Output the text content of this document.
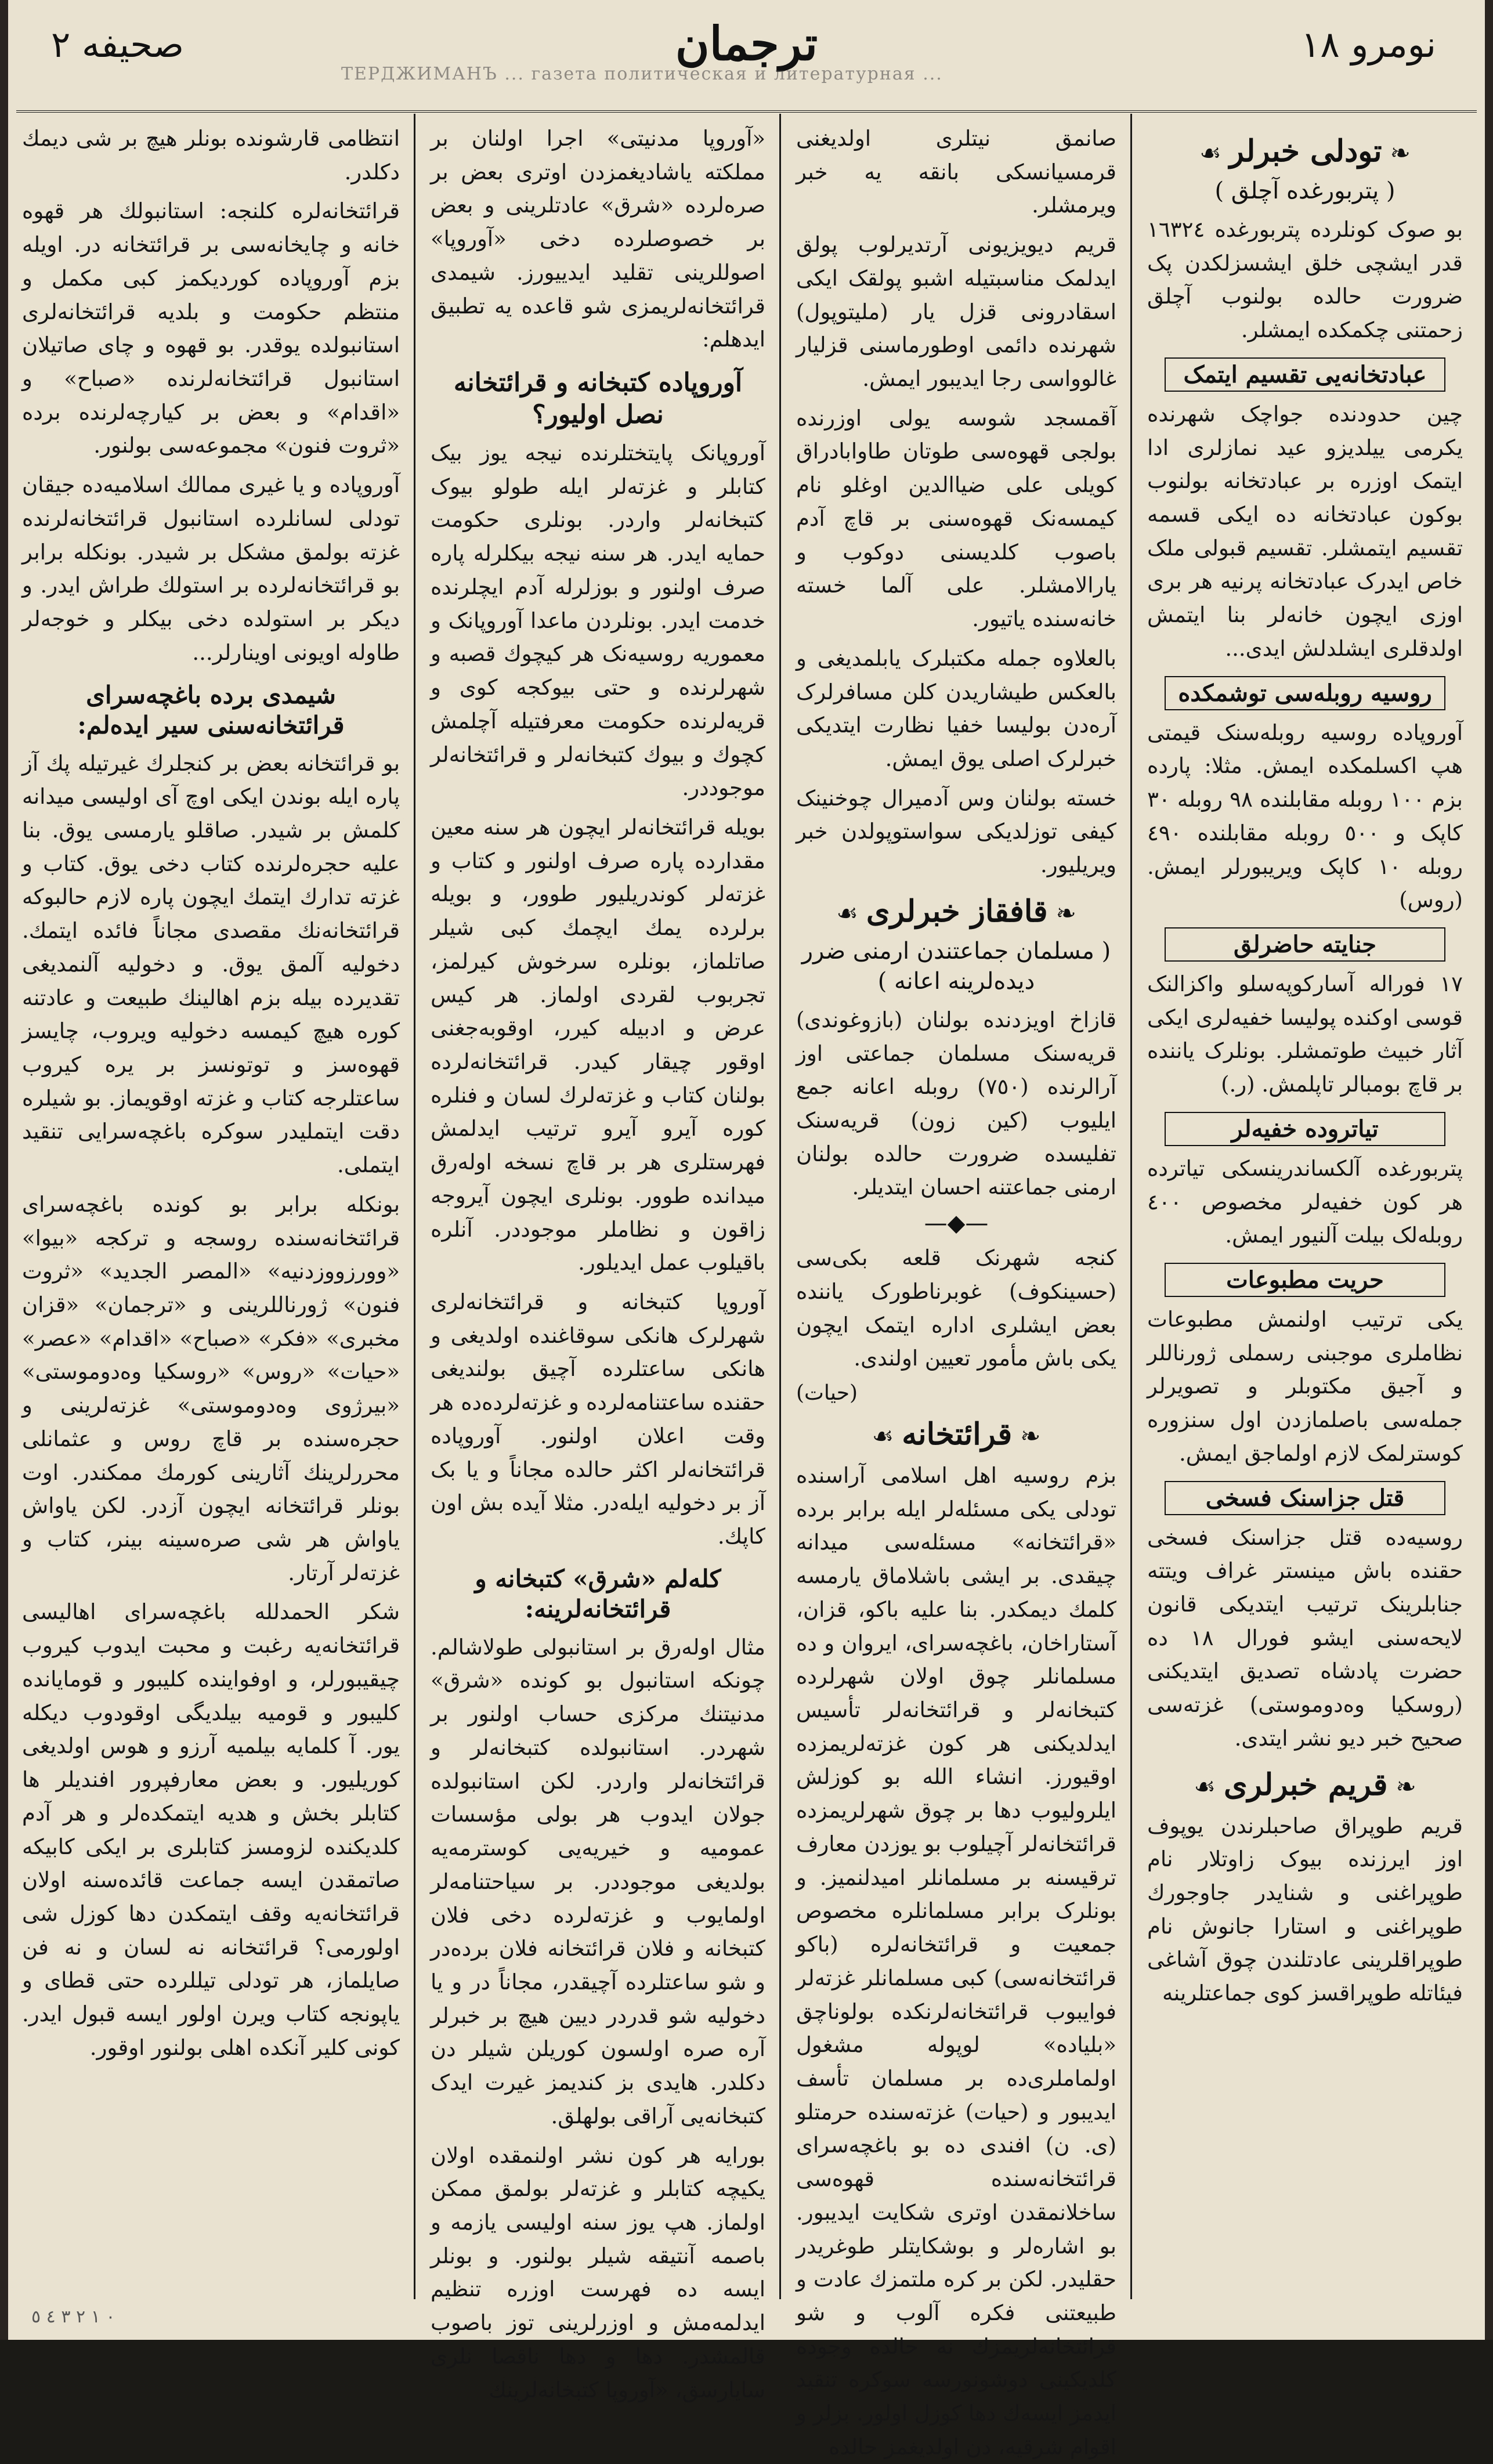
صحیفه ٢	ترجمان	نومرو ١٨
ТЕРДЖИМАНЪ ... газета политическая и литературная ...
❧تودلی خبرلر☙
( پتربورغده آچلق )

بو صوک کونلرده پتربورغده ١٦٣٢٤ قدر ایشچی خلق ایشسزلکدن پک ضرورت حالده بولنوب آچلق زحمتنی چکمکده ایمشلر.

عبادتخانه‌یی تقسیم ایتمک

چین حدودنده جواچک شهرنده یکرمی ییلدیزو عید نمازلری ادا ایتمک اوزره بر عبادتخانه بولنوب بوکون عبادتخانه ده ایکی قسمه تقسیم ایتمشلر. تقسیم قبولی ملک خاص ایدرک عبادتخانه پرنیه هر بری اوزی ایچون خانه‌لر بنا ایتمش اولدقلری ایشلدلش ایدی...

روسیه روبله‌سی توشمکده

آوروپاده روسیه روبله‌سنک قیمتی هپ اکسلمکده ایمش. مثلا: پارده بزم ١٠٠ روبله مقابلنده ٩٨ روبله ٣٠ کاپک و ٥٠٠ روبله مقابلنده ٤٩٠ روبله ١٠ کاپک ویریبورلر ایمش. (روس)

جنایته حاضرلق

١٧ فوراله آسارکوپه‌سلو واکزالنک قوسی اوکنده پولیسا خفیه‌لری ایکی آثار خبیث طوتمشلر. بونلرک یاننده بر قاچ بومبالر تاپلمش. (ر.)

تیاتروده خفیه‌لر

پتربورغده آلکساندرینسکی تیاترده هر کون خفیه‌لر مخصوص ٤٠٠ روبله‌لک بیلت آلنیور ایمش.

حریت مطبوعات

یکی ترتیب اولنمش مطبوعات نظاملری موجبنی رسملی ژورناللر و آجیق مکتوبلر و تصویرلر جمله‌سی باصلمازدن اول سنزوره کوسترلمک لازم اولماجق ایمش.

قتل جزاسنک فسخی

روسیه‌ده قتل جزاسنک فسخی حقنده باش مینستر غراف ویتته جنابلرینک ترتیب ایتدیکی قانون لایحه‌سنی ایشو فورال ١٨ ده حضرت پادشاه تصدیق ایتدیکنی (روسکیا وه‌دوموستی) غزته‌سی صحیح خبر دیو نشر ایتدی.

❧قریم خبرلری☙

قریم طوپراق صاحبلرندن یوپوف اوز ایرزنده بیوک زاوتلار نام طوپراغنی و شنایدر جاوجورك طوپراغنی و استارا جانوش نام طوپراقلرینی عادتلندن چوق آشاغی فیئاتله طوپراقسز کوی جماعتلرینه

صانمق نیتلری اولدیغنی قرمسیانسکی بانقه یه خبر ویرمشلر.

قریم دیویزیونی آرتدیرلوب پولق ایدلمک مناسبتیله اشبو پولقک ایکی اسقادرونی قزل یار (ملیتوپول) شهرنده دائمی اوطورماسنی قزلیار غالوواسی رجا ایدیبور ایمش.

آقمسجد شوسه یولی اوزرنده بولجی قهوه‌سی طوتان طاوابادراق کویلی علی ضیاالدین اوغلو نام کیمسه‌نک قهوه‌سنی بر قاچ آدم باصوب کلدیسنی دوکوب و یارالامشلر. علی آلما خسته خانه‌سنده یاتیور.

بالعلاوه جمله مکتبلرک یابلمدیغی و بالعکس طیشاریدن کلن مسافرلرک آره‌دن بولیسا خفیا نظارت ایتدیکی خبرلرک اصلی یوق ایمش.

خسته بولنان وس آدمیرال چوخنینک کیفی توزلدیکی سواستوپولدن خبر ویریلیور.

❧قافقاز خبرلری☙
( مسلمان جماعتندن ارمنی ضرر دیده‌لرینه اعانه )

قازاخ اویزدنده بولنان (بازوغوندی) قریه‌سنک مسلمان جماعتی اوز آرالرنده (٧٥٠) روبله اعانه جمع ایلیوب (کین زون) قریه‌سنک تفلیسده ضرورت حالده بولنان ارمنی جماعتنه احسان ایتدیلر.

—◆—

کنجه شهرنک قلعه بکی‌سی (حسینکوف) غوبرناطورک یاننده بعض ایشلری اداره ایتمک ایچون یکی باش مأمور تعیین اولندی.

(حیات)
❧قرائتخانه☙

بزم روسیه اهل اسلامی آراسنده تودلی یکی مسئله‌لر ایله برابر برده «قرائتخانه» مسئله‌سی میدانه چیقدی. بر ایشی باشلاماق یارمسه کلمك دیمکدر. بنا علیه باکو، قزان، آستاراخان، باغچه‌سرای، ایروان و ده مسلمانلر چوق اولان شهرلرده کتبخانه‌لر و قرائتخانه‌لر تأسیس ایدلدیکنی هر کون غزته‌لریمزده اوقیورز. انشاء الله بو کوزلش ایلرولیوب دها بر چوق شهرلریمزده قرائتخانه‌لر آچیلوب بو یوزدن معارف ترقیسنه بر مسلمانلر امیدلنمیز. و بونلرک برابر مسلمانلره مخصوص جمعیت و قرائتخانه‌لره (باکو قرائتخانه‌سی) کبی مسلمانلر غزته‌لر فوایبوب قرائتخانه‌لرنکده بولوناچق «بلیاده» لوپوله مشغول اولماملری‌ده بر مسلمان تأسف ایدیبور و (حیات) غزته‌سنده حرمتلو (ی. ن) افندی ده بو باغچه‌سرای قرائتخانه‌سنده قهوه‌سی ساخلانمقدن اوتری شکایت ایدیبور. بو اشاره‌لر و بوشکایتلر طوغریدر حقلیدر. لکن بر کره ملتمزك عادت و طبیعتنی فکره آلوب و شو قرائتخانه‌لریمزك نه حالده وجوده کلدیکینی دوشونورسه سوکره تنقید ایدمز ایسه‌ك دها کوزل اولور. بزلر و اقوام شرقیه، دن اولدیغمز حالده

«آوروپا مدنیتی» اجرا اولنان بر مملکته یاشادیغمزدن اوتری بعض بر صره‌لرده «شرق» عادتلرینی و بعض بر خصوصلرده دخی «آوروپا» اصوللرینی تقلید ایدییورز. شیمدی قرائتخانه‌لریمزی شو قاعده یه تطبیق ایدهلم:

آوروپاده کتبخانه و قرائتخانه نصل اولیور؟

آوروپانک پایتختلرنده نیجه یوز بیک کتابلر و غزته‌لر ایله طولو بیوک کتبخانه‌لر واردر. بونلری حکومت حمایه ایدر. هر سنه نیجه بیکلرله پاره صرف اولنور و بوزلرله آدم ایچلرنده خدمت ایدر. بونلردن ماعدا آوروپانک و معموریه روسیه‌نک هر کیچوك قصبه و شهرلرنده و حتی بیوکجه کوی و قریه‌لرنده حکومت معرفتیله آچلمش کچوك و بیوك کتبخانه‌لر و قرائتخانه‌لر موجوددر.

بویله قرائتخانه‌لر ایچون هر سنه معین مقدارده پاره صرف اولنور و کتاب و غزته‌لر کوندریلیور طوور، و بویله برلرده یمك ایچمك کبی شیلر صاتلماز، بونلره سرخوش کیرلمز، تجربوب لقردی اولماز. هر کیس عرض و ادبیله کیرر، اوقوبه‌جغنی اوقور چیقار کیدر. قرائتخانه‌لرده بولنان کتاب و غزته‌لرك لسان و فنلره کوره آیرو آیرو ترتیب ایدلمش فهرستلری هر بر قاچ نسخه اولەرق میدانده طوور. بونلری ایچون آیروجه زاقون و نظاملر موجوددر. آنلره باقیلوب عمل ایدیلور.

آوروپا کتبخانه و قرائتخانه‌لری شهرلرک هانکی سوقاغنده اولدیغی و هانکی ساعتلرده آچیق بولندیغی حقنده ساعتنامه‌لرده و غزته‌لرده‌ده هر وقت اعلان اولنور. آوروپاده قرائتخانه‌لر اکثر حالده مجاناً و یا بک آز بر دخولیه ایله‌در. مثلا آیده بش اون کاپك.

کله‌لم «شرق» کتبخانه و قرائتخانه‌لرینه:

مثال اوله‌رق بر استانبولی طولاشالم. چونکه استانبول بو کونده «شرق» مدنیتنك مرکزی حساب اولنور بر شهردر. استانبولده کتبخانه‌لر و قرائتخانه‌لر واردر. لکن استانبولده جولان ایدوب هر بولی مؤسسات عمومیه و خیریه‌یی کوسترمه‌یه بولدیغی موجوددر. بر سیاحتنامه‌لر اولمایوب و غزته‌لرده دخی فلان کتبخانه و فلان قرائتخانه فلان برده‌در و شو ساعتلرده آچیقدر، مجاناً در و یا دخولیه شو قدردر دیین هیچ بر خبرلر آره صره اولسون کوریلن شیلر دن دکلدر. هایدی بز کندیمز غیرت ایدک کتبخانه‌یی آراقی بولهلق.

بورایه هر کون نشر اولنمقده اولان یکیچه کتابلر و غزته‌لر بولمق ممکن اولماز. هپ یوز سنه اولیسی یازمه و باصمه آنتیقه شیلر بولنور. و بونلر ایسه ده فهرست اوزره تنظیم ایدلمه‌مش و اوزرلرینی توز باصوب قالمشدر. دها و دها ناقصا نلری سایارسق، «آوروپا کتبخانه‌لرینك

انتظامی قارشونده بونلر هیچ بر شی دیمك دکلدر.

قرائتخانه‌لره کلنجه: استانبولك هر قهوه خانه و چایخانه‌سی بر قرائتخانه در. اویله بزم آوروپاده کوردیکمز کبی مکمل و منتظم حکومت و بلدیه قرائتخانه‌لری استانبولده یوقدر. بو قهوه و چای صاتیلان استانبول قرائتخانه‌لرنده «صباح» و «اقدام» و بعض بر کیارچه‌لرنده برده «ثروت فنون» مجموعه‌سی بولنور.

آوروپاده و یا غیری ممالك اسلامیه‌ده جیقان تودلی لسانلرده استانبول قرائتخانه‌لرنده غزته بولمق مشکل بر شیدر. بونکله برابر بو قرائتخانه‌لرده بر استولك طراش ایدر. و دیکر بر استولده دخی بیکلر و خوجه‌لر طاوله اویونی اوینارلر...

شیمدی برده باغچه‌سرای قرائتخانه‌سنی سیر ایده‌لم:

بو قرائتخانه بعض بر کنجلرك غیرتیله پك آز پاره ایله بوندن ایکی اوچ آی اولیسی میدانه کلمش بر شیدر. صاقلو یارمسی یوق. بنا علیه حجره‌لرنده کتاب دخی یوق. کتاب و غزته تدارك ایتمك ایچون پاره لازم حالبوکه قرائتخانه‌نك مقصدی مجاناً فائده ایتمك. دخولیه آلمق یوق. و دخولیه آلنمدیغی تقدیرده بیله بزم اهالینك طبیعت و عادتنه کوره هیچ کیمسه دخولیه ویروب، چایسز قهوه‌سز و توتونسز بر یره کیروب ساعتلرجه کتاب و غزته اوقویماز. بو شیلره دقت ایتملیدر سوکره باغچه‌سرایی تنقید ایتملی.

بونکله برابر بو کونده باغچه‌سرای قرائتخانه‌سنده روسجه و ترکجه «بیوا» «وورزووزدنیه» «المصر الجدید» «ثروت فنون» ژورناللرینی و «ترجمان» «قزان مخبری» «فکر» «صباح» «اقدام» «عصر» «حیات» «روس» «روسکیا وه‌دوموستی» «بیرژوی وه‌دوموستی» غزته‌لرینی و حجره‌سنده بر قاچ روس و عثمانلی محررلرینك آثارینی کورمك ممکندر. اوت بونلر قرائتخانه ایچون آزدر. لکن یاواش یاواش هر شی صره‌سینه بینر، کتاب و غزته‌لر آرتار.

شکر الحمدلله باغچه‌سرای اهالیسی قرائتخانه‌یه رغبت و محبت ایدوب کیروب چیقیبورلر، و اوفواینده کلیبور و قومایانده کلیبور و قومیه بیلدیگی اوقودوب دیکله یور. آ کلمایه بیلمیه آرزو و هوس اولدیغی کوریلیور. و بعض معارفپرور افندیلر ها کتابلر بخش و هدیه ایتمکده‌لر و هر آدم کلدیکنده لزومسز کتابلری بر ایکی کابیکه صاتمقدن ایسه جماعت قائده‌سنه اولان قرائتخانه‌یه وقف ایتمکدن دها کوزل شی اولورمی؟ قرائتخانه نه لسان و نه فن صایلماز، هر تودلی تیللرده حتی قطای و یاپونجه کتاب ویرن اولور ایسه قبول ایدر. کونی کلیر آنکده اهلی بولنور اوقور.

٠ ١ ٢ ٣ ٤ ٥
